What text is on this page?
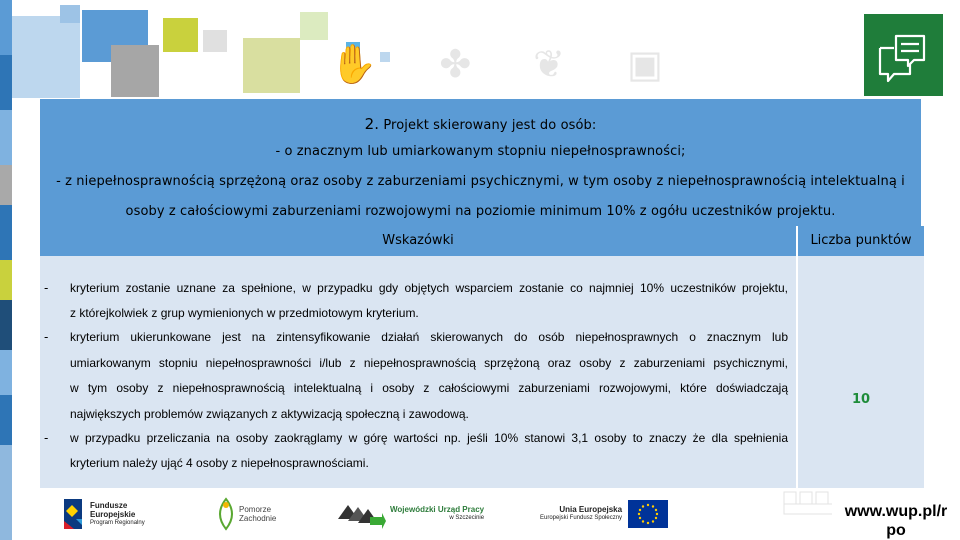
✋ ✤ ❦ ▣
2. Projekt skierowany jest do osób:
- o znacznym lub umiarkowanym stopniu niepełnosprawności;
- z niepełnosprawnością sprzężoną oraz osoby z zaburzeniami psychicznymi, w tym osoby z niepełnosprawnością intelektualną i
osoby z całościowymi zaburzeniami rozwojowymi na poziomie minimum 10% z ogółu uczestników projektu.
Wskazówki	Liczba punktów
- kryterium zostanie uznane za spełnione, w przypadku gdy objętych wsparciem zostanie co najmniej 10% uczestników projektu,
z którejkolwiek z grup wymienionych w przedmiotowym kryterium.
- kryterium ukierunkowane jest na zintensyfikowanie działań skierowanych do osób niepełnosprawnych o znacznym lub
umiarkowanym stopniu niepełnosprawności i/lub z niepełnosprawnością sprzężoną oraz osoby z zaburzeniami psychicznymi,
w tym osoby z niepełnosprawnością intelektualną i osoby z całościowymi zaburzeniami rozwojowymi, które doświadczają
największych problemów związanych z aktywizacją społeczną i zawodową.
- w przypadku przeliczania na osoby zaokrąglamy w górę wartości np. jeśli 10% stanowi 3,1 osoby to znaczy że dla spełnienia
kryterium należy ująć 4 osoby z niepełnosprawnościami.
10
Fundusze
Europejskie
Program Regionalny
Pomorze
Zachodnie
Wojewódzki Urząd Pracy
w Szczecinie
Unia Europejska
Europejski Fundusz Społeczny	www.wup.pl/r
po
